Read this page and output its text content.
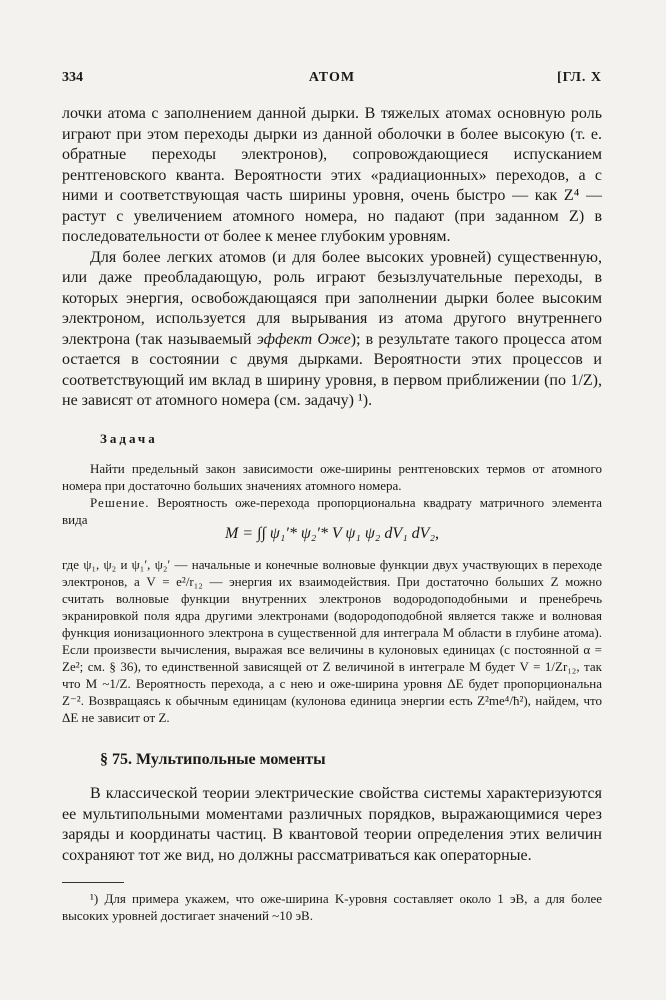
334	АТОМ	[ГЛ. X

лочки атома с заполнением данной дырки. В тяжелых атомах основную роль играют при этом переходы дырки из данной оболочки в более высокую (т. е. обратные переходы электронов), сопровождающиеся испусканием рентгеновского кванта. Вероятности этих «радиационных» переходов, а с ними и соответствующая часть ширины уровня, очень быстро — как Z⁴ — растут с увеличением атомного номера, но падают (при заданном Z) в последовательности от более к менее глубоким уровням.

Для более легких атомов (и для более высоких уровней) существенную, или даже преобладающую, роль играют безызлучательные переходы, в которых энергия, освобождающаяся при заполнении дырки более высоким электроном, используется для вырывания из атома другого внутреннего электрона (так называемый эффект Оже); в результате такого процесса атом остается в состоянии с двумя дырками. Вероятности этих процессов и соответствующий им вклад в ширину уровня, в первом приближении (по 1/Z), не зависят от атомного номера (см. задачу) ¹).

Задача

Найти предельный закон зависимости оже-ширины рентгеновских термов от атомного номера при достаточно больших значениях атомного номера.

Решение. Вероятность оже-перехода пропорциональна квадрату матричного элемента вида

M = ∫∫ ψ₁′* ψ₂′* V ψ₁ ψ₂ dV₁ dV₂,

где ψ₁, ψ₂ и ψ₁′, ψ₂′ — начальные и конечные волновые функции двух участвующих в переходе электронов, а V = e²/r₁₂ — энергия их взаимодействия. При достаточно больших Z можно считать волновые функции внутренних электронов водородоподобными и пренебречь экранировкой поля ядра другими электронами (водородоподобной является также и волновая функция ионизационного электрона в существенной для интеграла M области в глубине атома). Если произвести вычисления, выражая все величины в кулоновых единицах (с постоянной α = Ze²; см. § 36), то единственной зависящей от Z величиной в интеграле M будет V = 1/Zr₁₂, так что M ~1/Z. Вероятность перехода, а с нею и оже-ширина уровня ΔE будет пропорциональна Z⁻². Возвращаясь к обычным единицам (кулонова единица энергии есть Z²me⁴/ħ²), найдем, что ΔE не зависит от Z.

§ 75. Мультипольные моменты

В классической теории электрические свойства системы характеризуются ее мультипольными моментами различных порядков, выражающимися через заряды и координаты частиц. В квантовой теории определения этих величин сохраняют тот же вид, но должны рассматриваться как операторные.

¹) Для примера укажем, что оже-ширина K-уровня составляет около 1 эВ, а для более высоких уровней достигает значений ~10 эВ.
